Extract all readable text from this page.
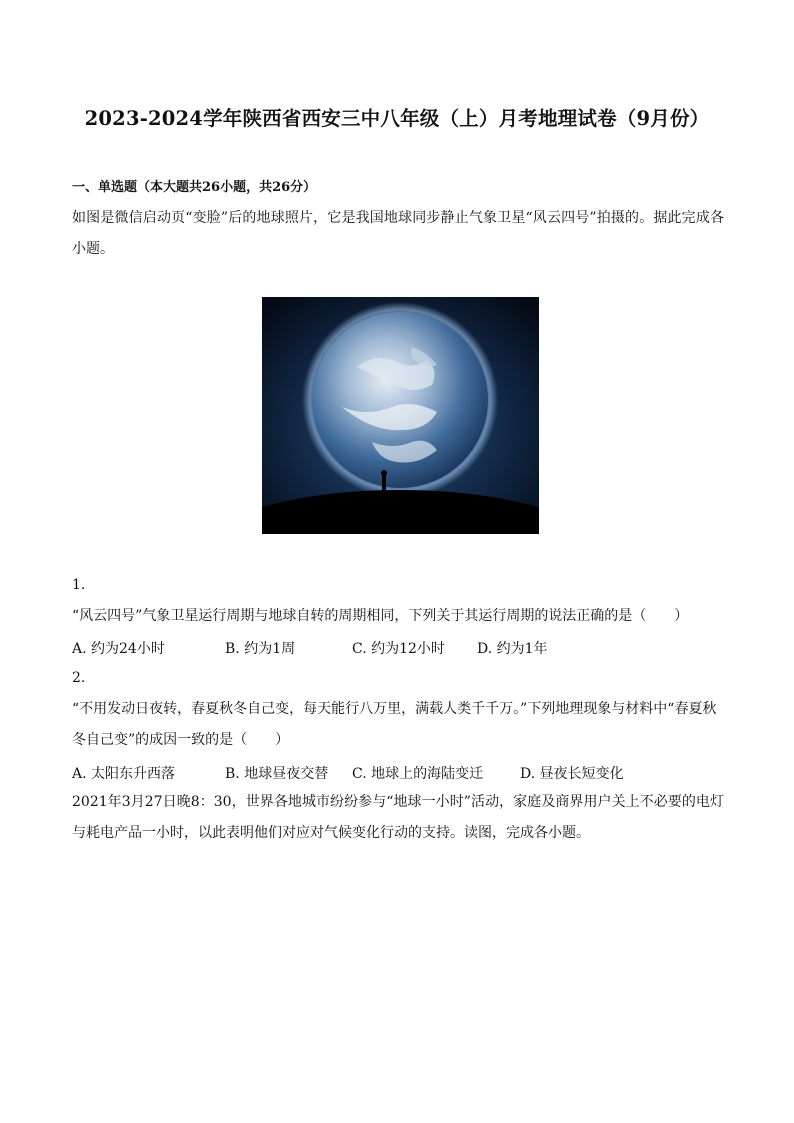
2023-2024学年陕西省西安三中八年级（上）月考地理试卷（9月份）
一、单选题（本大题共26小题，共26分）
如图是微信启动页“变脸”后的地球照片，它是我国地球同步静止气象卫星“风云四号”拍摄的。据此完成各小题。
1.
“风云四号”气象卫星运行周期与地球自转的周期相同，下列关于其运行周期的说法正确的是（　　）
A. 约为24小时	B. 约为1周	C. 约为12小时 D. 约为1年
2.
“不用发动日夜转，春夏秋冬自己变，每天能行八万里，满载人类千千万。”下列地理现象与材料中“春夏秋冬自己变”的成因一致的是（　　）
A. 太阳东升西落	B. 地球昼夜交替 C. 地球上的海陆变迁	D. 昼夜长短变化
2021年3月27日晚8：30，世界各地城市纷纷参与“地球一小时”活动，家庭及商界用户关上不必要的电灯与耗电产品一小时，以此表明他们对应对气候变化行动的支持。读图，完成各小题。
